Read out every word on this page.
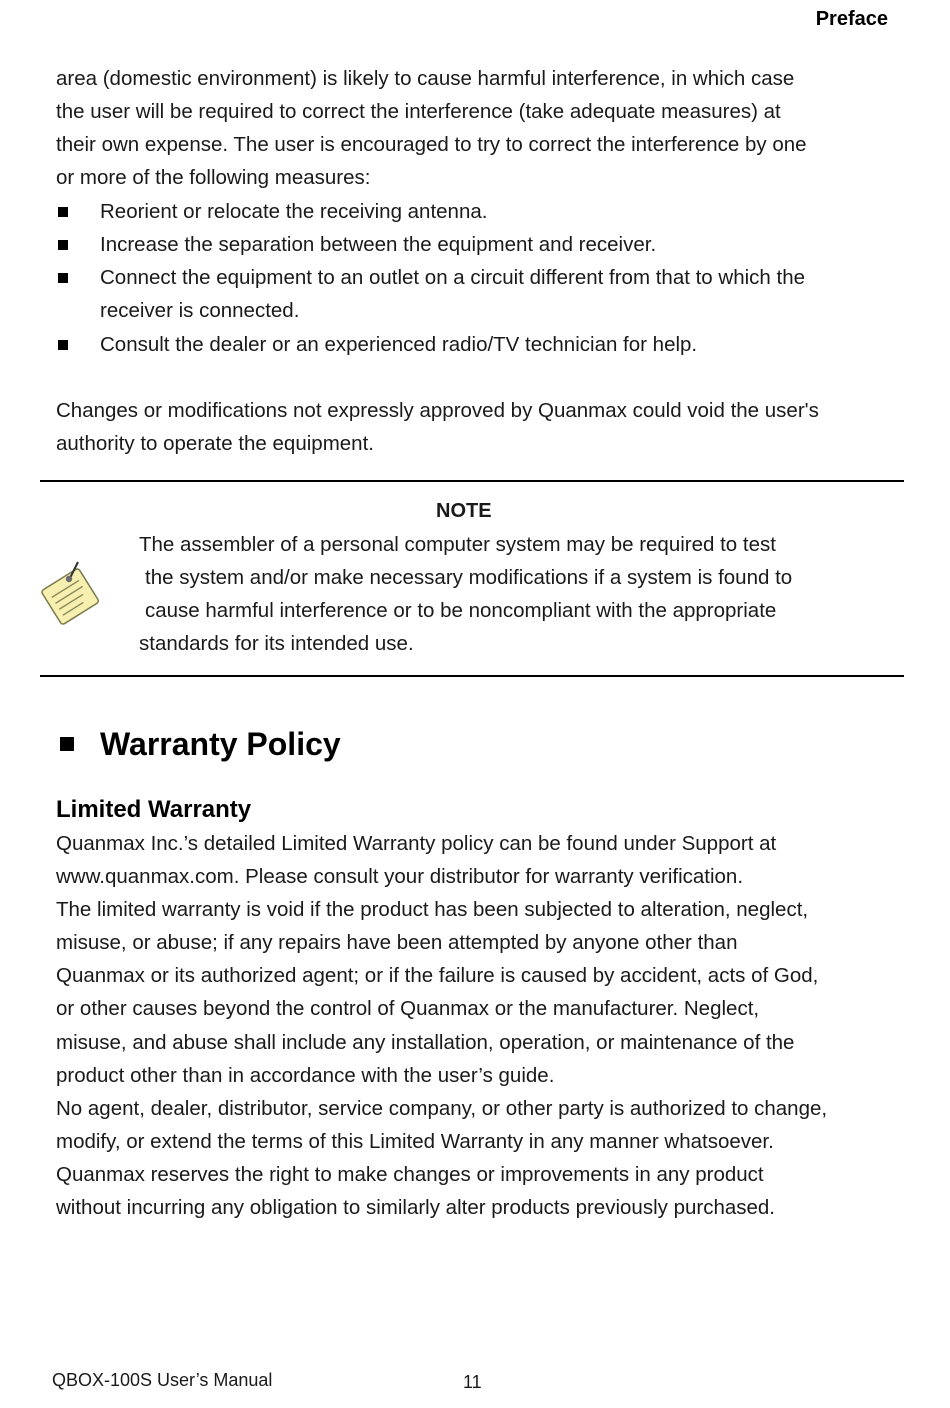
Preface
area (domestic environment) is likely to cause harmful interference, in which case
the user will be required to correct the interference (take adequate measures) at
their own expense. The user is encouraged to try to correct the interference by one
or more of the following measures:
Reorient or relocate the receiving antenna.
Increase the separation between the equipment and receiver.
Connect the equipment to an outlet on a circuit different from that to which the
receiver is connected.
Consult the dealer or an experienced radio/TV technician for help.
Changes or modifications not expressly approved by Quanmax could void the user's
authority to operate the equipment.
NOTE
The assembler of a personal computer system may be required to test
the system and/or make necessary modifications if a system is found to
cause harmful interference or to be noncompliant with the appropriate
standards for its intended use.
Warranty Policy
Limited Warranty
Quanmax Inc.’s detailed Limited Warranty policy can be found under Support at
www.quanmax.com. Please consult your distributor for warranty verification.
The limited warranty is void if the product has been subjected to alteration, neglect,
misuse, or abuse; if any repairs have been attempted by anyone other than
Quanmax or its authorized agent; or if the failure is caused by accident, acts of God,
or other causes beyond the control of Quanmax or the manufacturer. Neglect,
misuse, and abuse shall include any installation, operation, or maintenance of the
product other than in accordance with the user’s guide.
No agent, dealer, distributor, service company, or other party is authorized to change,
modify, or extend the terms of this Limited Warranty in any manner whatsoever.
Quanmax reserves the right to make changes or improvements in any product
without incurring any obligation to similarly alter products previously purchased.
QBOX-100S User’s Manual	11
